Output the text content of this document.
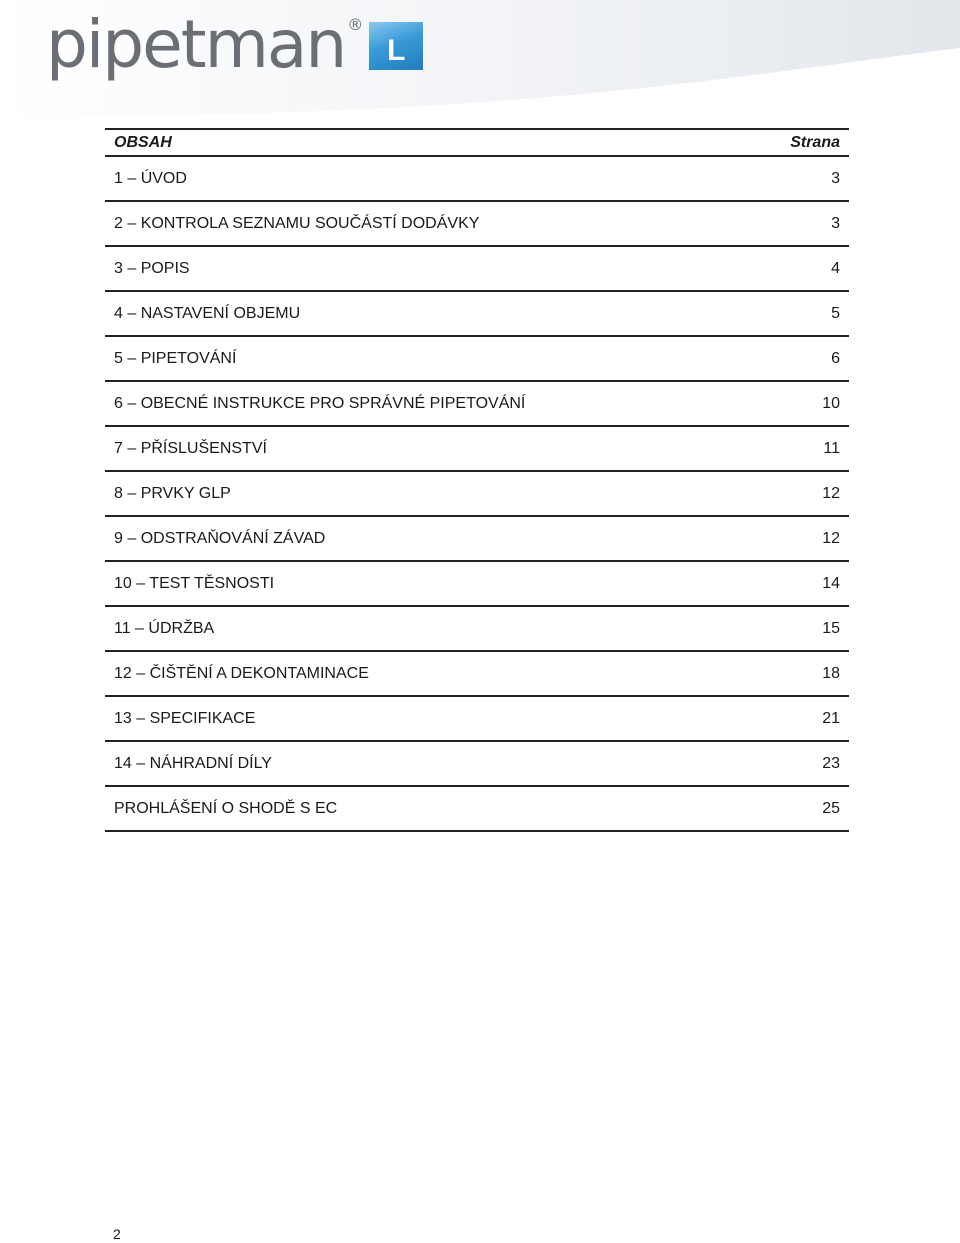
pipetman ®
L
OBSAH	Strana
1 – ÚVOD	3
2 – KONTROLA SEZNAMU SOUČÁSTÍ DODÁVKY	3
3 – POPIS	4
4 – NASTAVENÍ OBJEMU	5
5 – PIPETOVÁNÍ	6
6 – OBECNÉ INSTRUKCE PRO SPRÁVNÉ PIPETOVÁNÍ	10
7 – PŘÍSLUŠENSTVÍ	11
8 – PRVKY GLP	12
9 – ODSTRAŇOVÁNÍ ZÁVAD	12
10 – TEST TĚSNOSTI	14
11 – ÚDRŽBA	15
12 – ČIŠTĚNÍ A DEKONTAMINACE	18
13 – SPECIFIKACE	21
14 – NÁHRADNÍ DÍLY	23
PROHLÁŠENÍ O SHODĚ S EC	25
2
